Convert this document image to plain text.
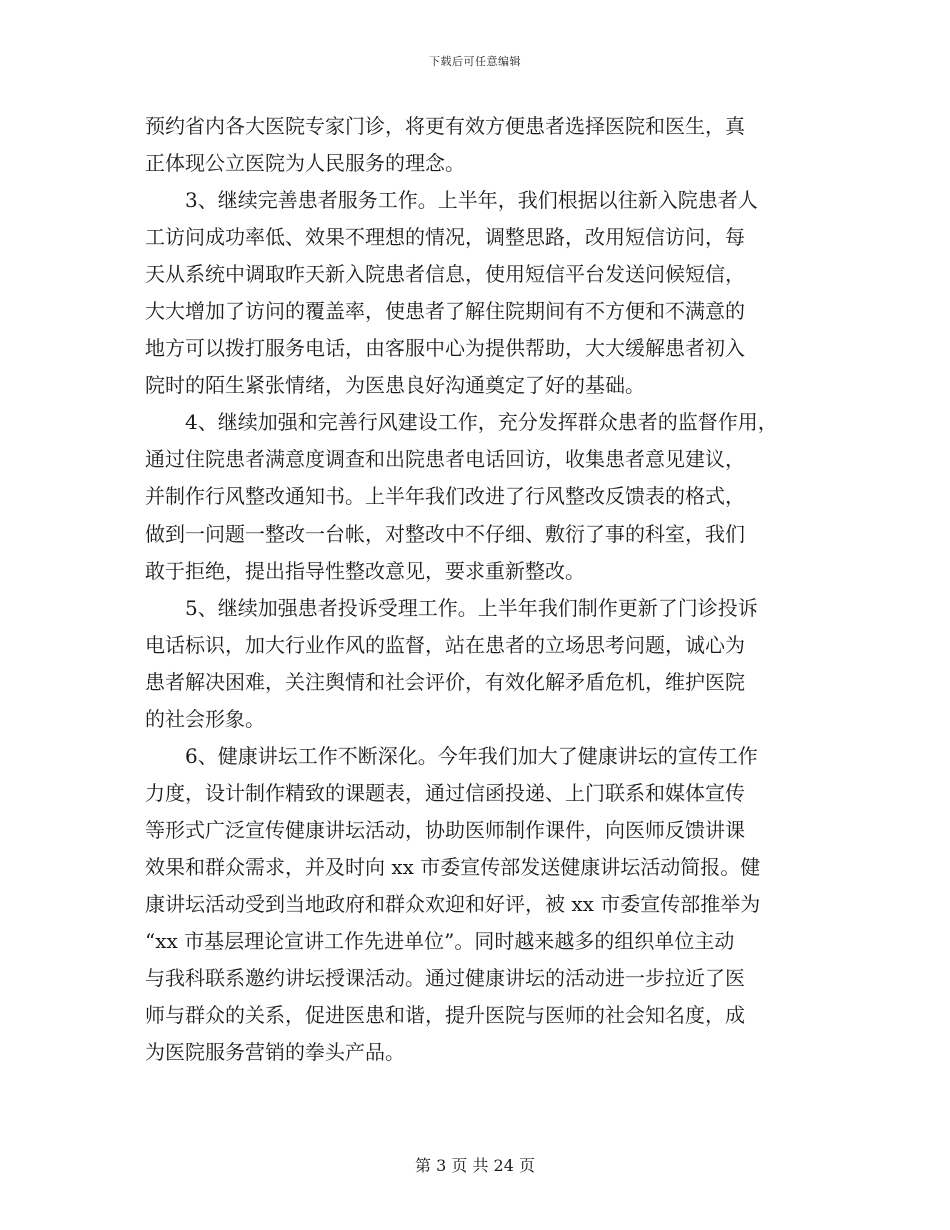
下载后可任意编辑
预约省内各大医院专家门诊，将更有效方便患者选择医院和医生，真
正体现公立医院为人民服务的理念。
3、继续完善患者服务工作。上半年，我们根据以往新入院患者人
工访问成功率低、效果不理想的情况，调整思路，改用短信访问，每
天从系统中调取昨天新入院患者信息，使用短信平台发送问候短信，
大大增加了访问的覆盖率，使患者了解住院期间有不方便和不满意的
地方可以拨打服务电话，由客服中心为提供帮助，大大缓解患者初入
院时的陌生紧张情绪，为医患良好沟通奠定了好的基础。
4、继续加强和完善行风建设工作，充分发挥群众患者的监督作用，
通过住院患者满意度调查和出院患者电话回访，收集患者意见建议，
并制作行风整改通知书。上半年我们改进了行风整改反馈表的格式，
做到一问题一整改一台帐，对整改中不仔细、敷衍了事的科室，我们
敢于拒绝，提出指导性整改意见，要求重新整改。
5、继续加强患者投诉受理工作。上半年我们制作更新了门诊投诉
电话标识，加大行业作风的监督，站在患者的立场思考问题，诚心为
患者解决困难，关注舆情和社会评价，有效化解矛盾危机，维护医院
的社会形象。
6、健康讲坛工作不断深化。今年我们加大了健康讲坛的宣传工作
力度，设计制作精致的课题表，通过信函投递、上门联系和媒体宣传
等形式广泛宣传健康讲坛活动，协助医师制作课件，向医师反馈讲课
效果和群众需求，并及时向 xx 市委宣传部发送健康讲坛活动简报。健
康讲坛活动受到当地政府和群众欢迎和好评，被 xx 市委宣传部推举为
“xx 市基层理论宣讲工作先进单位”。同时越来越多的组织单位主动
与我科联系邀约讲坛授课活动。通过健康讲坛的活动进一步拉近了医
师与群众的关系，促进医患和谐，提升医院与医师的社会知名度，成
为医院服务营销的拳头产品。
第 3 页 共 24 页
